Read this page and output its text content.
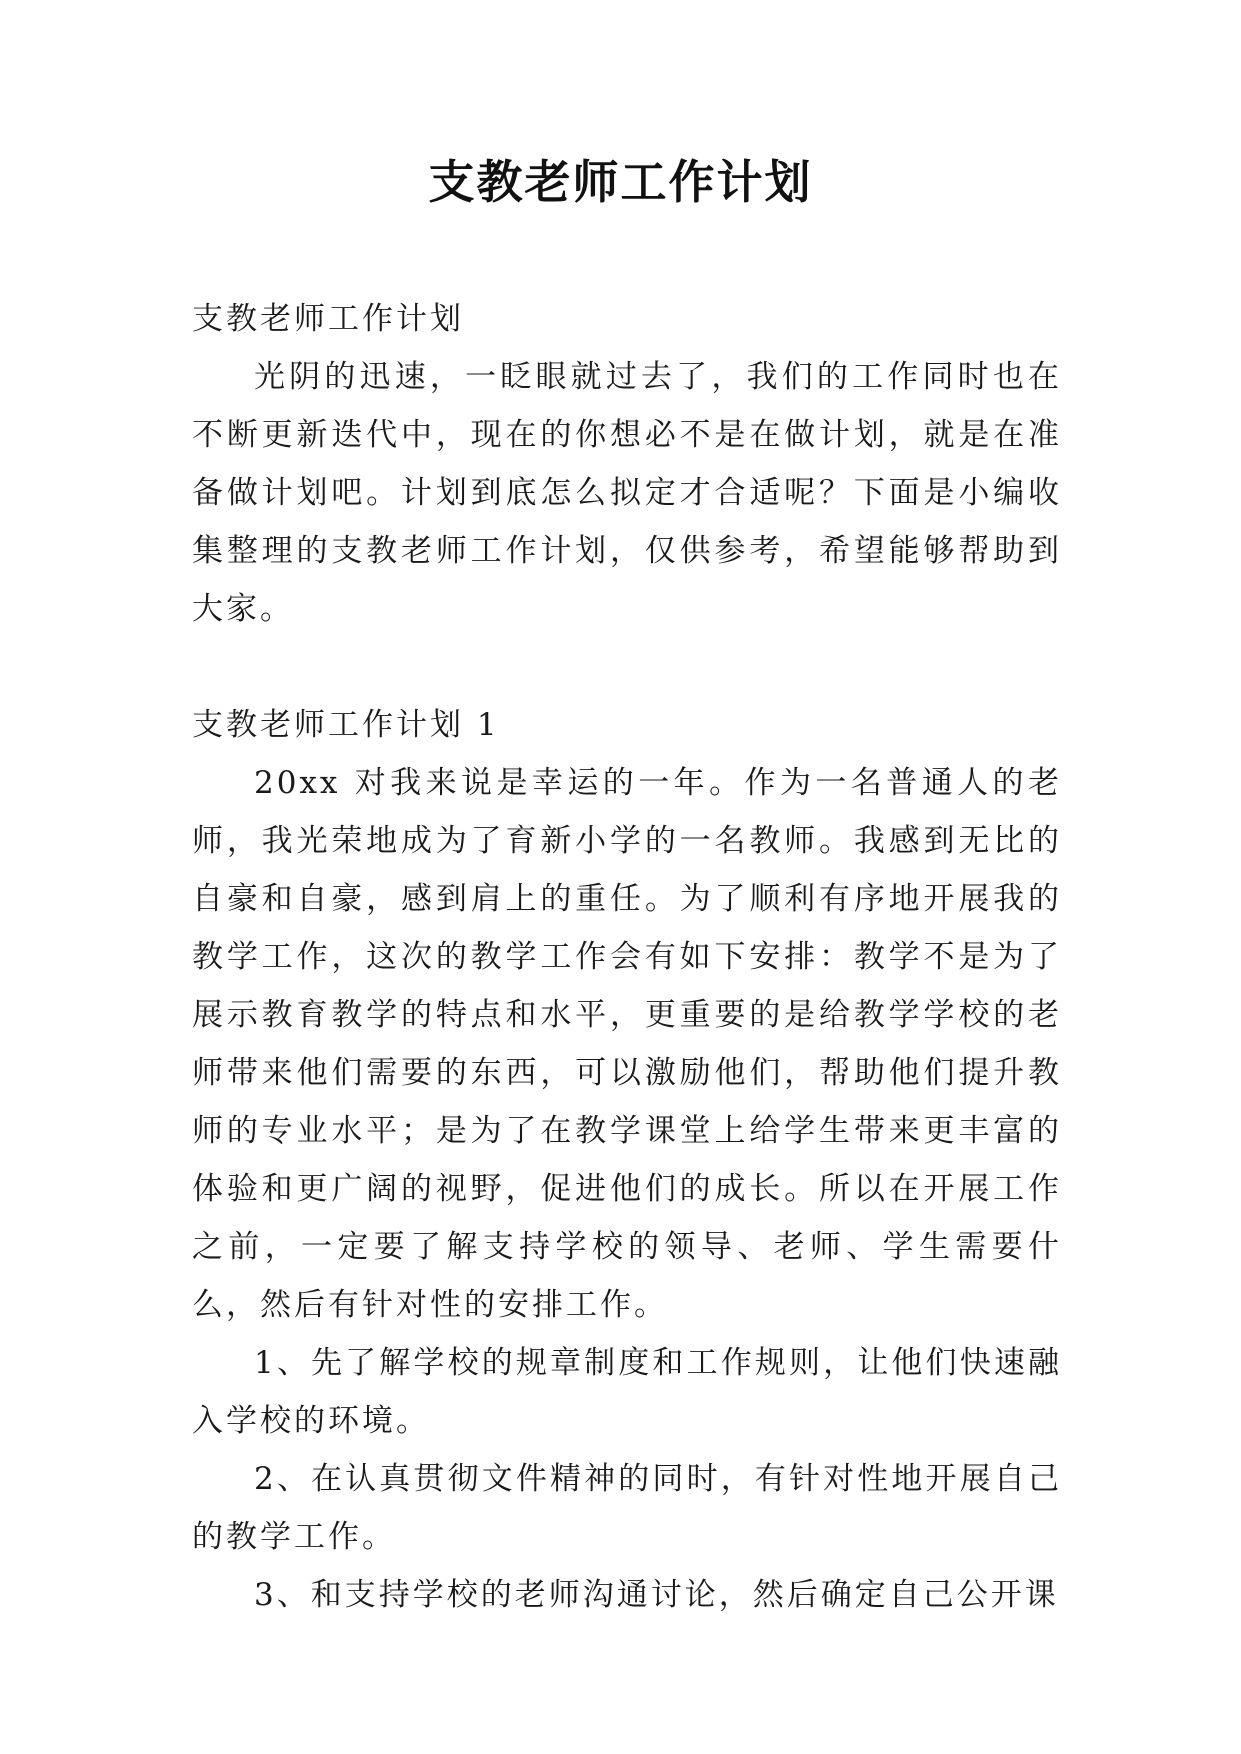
支教老师工作计划
支教老师工作计划

光阴的迅速，一眨眼就过去了，我们的工作同时也在不断更新迭代中，现在的你想必不是在做计划，就是在准备做计划吧。计划到底怎么拟定才合适呢？下面是小编收集整理的支教老师工作计划，仅供参考，希望能够帮助到大家。

支教老师工作计划 1

20xx 对我来说是幸运的一年。作为一名普通人的老师，我光荣地成为了育新小学的一名教师。我感到无比的自豪和自豪，感到肩上的重任。为了顺利有序地开展我的教学工作，这次的教学工作会有如下安排：教学不是为了展示教育教学的特点和水平，更重要的是给教学学校的老师带来他们需要的东西，可以激励他们，帮助他们提升教师的专业水平；是为了在教学课堂上给学生带来更丰富的体验和更广阔的视野，促进他们的成长。所以在开展工作之前，一定要了解支持学校的领导、老师、学生需要什么，然后有针对性的安排工作。

1、先了解学校的规章制度和工作规则，让他们快速融入学校的环境。

2、在认真贯彻文件精神的同时，有针对性地开展自己的教学工作。

3、和支持学校的老师沟通讨论，然后确定自己公开课
